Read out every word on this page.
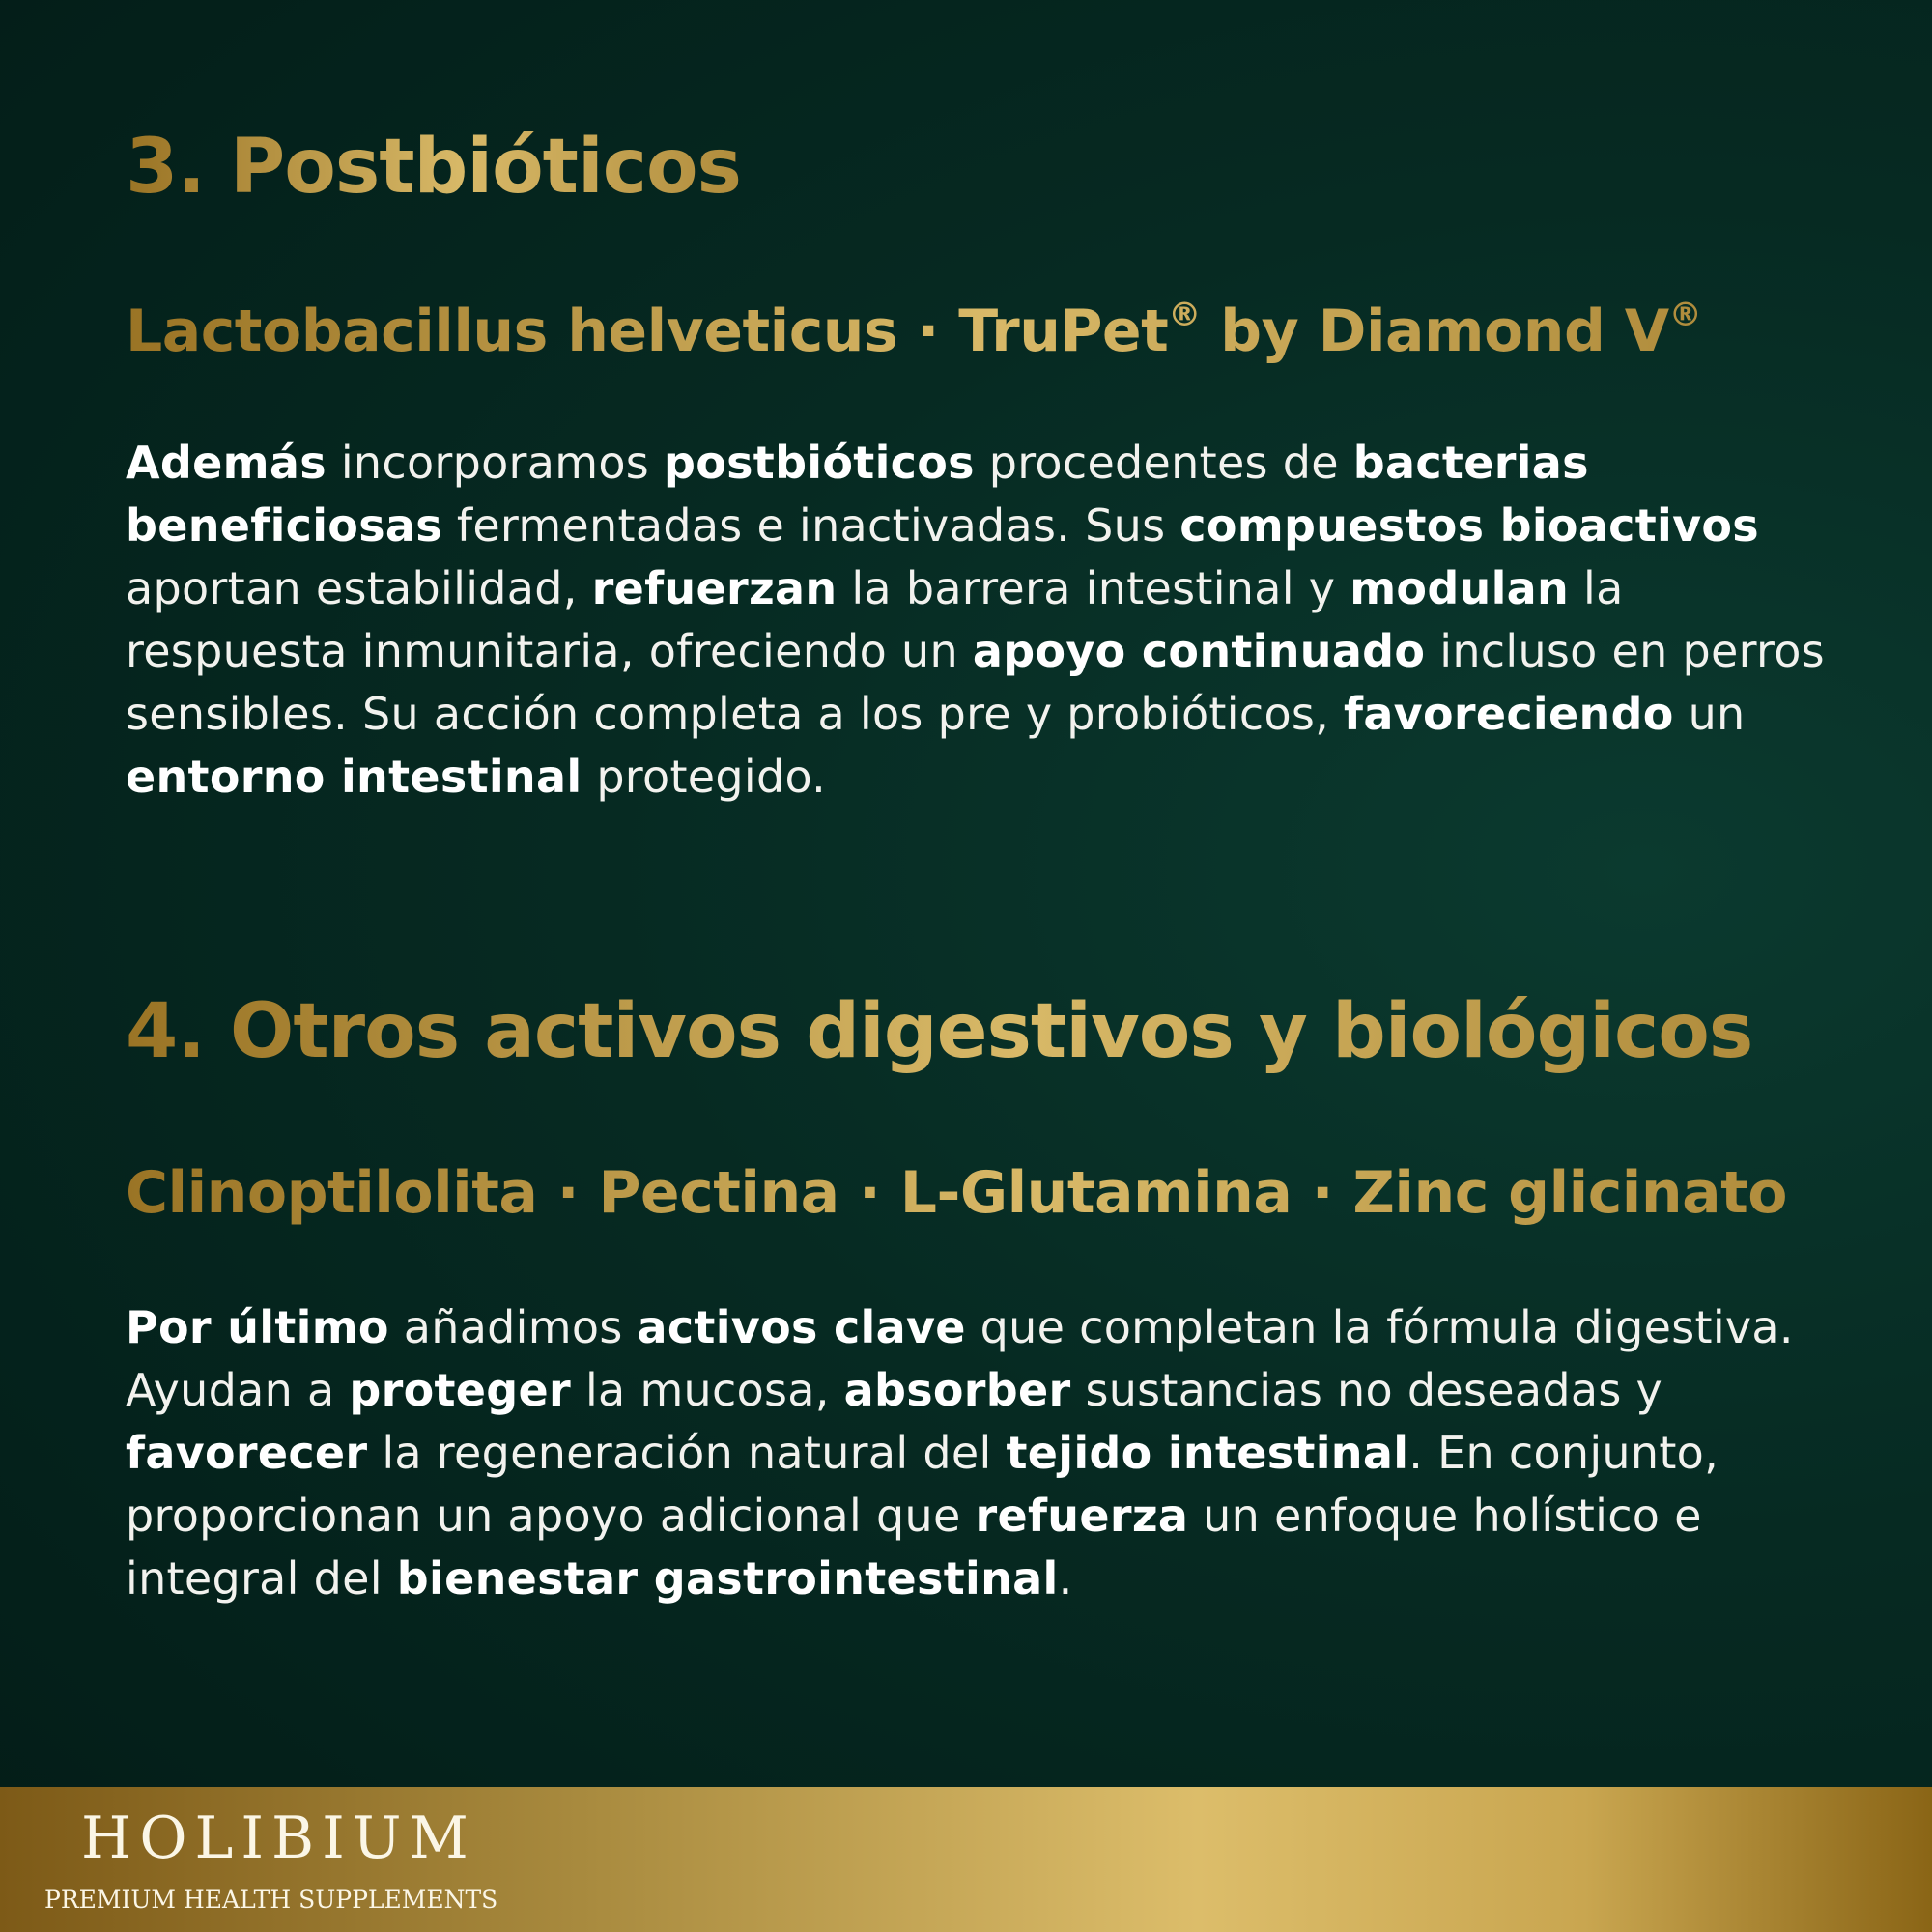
3. Postbióticos
Lactobacillus helveticus · TruPet® by Diamond V®

Además incorporamos postbióticos procedentes de bacterias beneficiosas fermentadas e inactivadas. Sus compuestos bioactivos aportan estabilidad, refuerzan la barrera intestinal y modulan la respuesta inmunitaria, ofreciendo un apoyo continuado incluso en perros sensibles. Su acción completa a los pre y probióticos, favoreciendo un entorno intestinal protegido.

4. Otros activos digestivos y biológicos
Clinoptilolita · Pectina · L-Glutamina · Zinc glicinato

Por último añadimos activos clave que completan la fórmula digestiva. Ayudan a proteger la mucosa, absorber sustancias no deseadas y favorecer la regeneración natural del tejido intestinal. En conjunto, proporcionan un apoyo adicional que refuerza un enfoque holístico e integral del bienestar gastrointestinal.

HOLIBIUM
PREMIUM HEALTH SUPPLEMENTS
